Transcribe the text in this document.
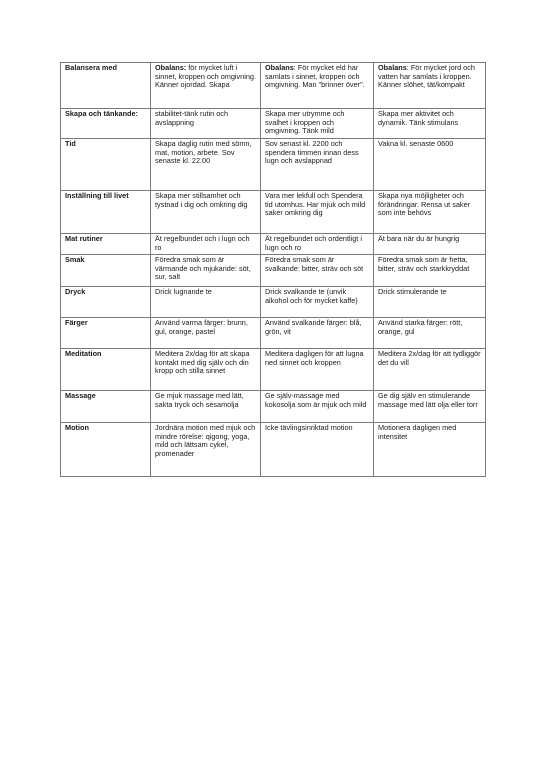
Balansera med	Obalans: för mycket luft i sinnet, kroppen och omgivning. Känner ojordad. Skapa	Obalans: För mycket eld har samlats i sinnet, kroppen och omgivning. Man "brinner över".	Obalans: För mycket jord och vatten har samlats i kroppen. Känner slöhet, tät/kompakt
Skapa och tänkande:	stabilitet-tänk rutin och avslappning	Skapa mer utrymme och svalhet i kroppen och omgivning. Tänk mild	Skapa mer aktivitet och dynamik. Tänk stimulans
Tid	Skapa daglig rutin med sömn, mat, motion, arbete. Sov senaste kl. 22.00	Sov senast kl. 2200 och spendera timmen innan dess lugn och avslappnad	Vakna kl. senaste 0600
Inställning till livet	Skapa mer stillsamhet och tystnad i dig och omkring dig	Vara mer lekfull och Spendera tid utomhus. Har mjuk och mild saker omkring dig	Skapa nya möjligheter och förändringar. Rensa ut saker som inte behövs
Mat rutiner	Ät regelbundet och i lugn och ro	Ät regelbundet och ordentligt i lugn och ro	Ät bara när du är hungrig
Smak	Föredra smak som är värmande och mjukande: söt, sur, salt	Föredra smak som är svalkande: bitter, sträv och söt	Föredra smak som är hetta, bitter, sträv och starkkryddat
Dryck	Drick lugnande te	Drick svalkande te (unvik alkohol och för mycket kaffe)	Drick stimulerande te
Färger	Använd varma färger: brunn, gul, orange, pastel	Använd svalkande färger: blå, grön, vit	Använd starka färger: rött, orange, gul
Meditation	Meditera 2x/dag för att skapa kontakt med dig själv och din kropp och stilla sinnet	Meditera dagligen för att lugna ned sinnet och kroppen	Meditera 2x/dag för att tydliggör det du vill
Massage	Ge mjuk massage med lätt, sakta tryck och sesamolja	Ge själv-massage med kokosolja som är mjuk och mild	Ge dig själv en stimulerande massage med lätt olja eller torr
Motion	Jordnära motion med mjuk och mindre rörelse: qigong, yoga, mild och lättsam cykel, promenader	Icke tävlingsinriktad motion	Motionera dagligen med intensitet
